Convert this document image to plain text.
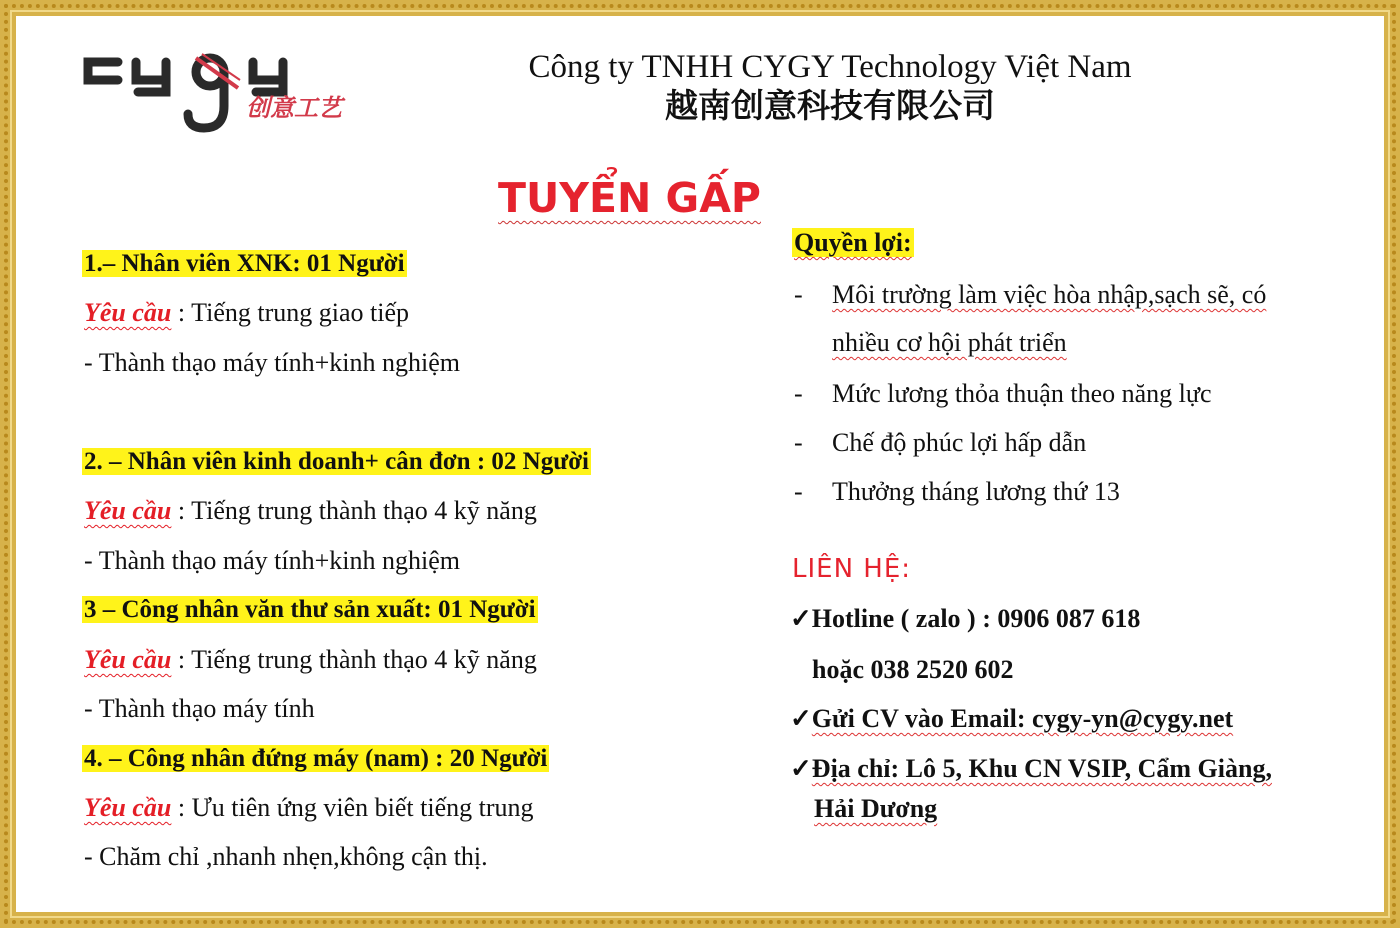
创意工艺
Công ty TNHH CYGY Technology Việt Nam
越南创意科技有限公司
TUYỂN GẤP
1.– Nhân viên XNK: 01 Người
Yêu cầu : Tiếng trung giao tiếp
- Thành thạo máy tính+kinh nghiệm
2. – Nhân viên kinh doanh+ cân đơn : 02 Người
Yêu cầu : Tiếng trung thành thạo 4 kỹ năng
- Thành thạo máy tính+kinh nghiệm
3 – Công nhân văn thư sản xuất: 01 Người
Yêu cầu : Tiếng trung thành thạo 4 kỹ năng
- Thành thạo máy tính
4. – Công nhân đứng máy (nam) : 20 Người
Yêu cầu : Ưu tiên ứng viên biết tiếng trung
- Chăm chỉ ,nhanh nhẹn,không cận thị.
Quyền lợi:
- Môi trường làm việc hòa nhập,sạch sẽ, có
nhiều cơ hội phát triển
- Mức lương thỏa thuận theo năng lực
- Chế độ phúc lợi hấp dẫn
- Thưởng tháng lương thứ 13
LIÊN HỆ:
✓Hotline ( zalo ) : 0906 087 618
hoặc 038 2520 602
✓Gửi CV vào Email: cygy-yn@cygy.net
✓Địa chỉ: Lô 5, Khu CN VSIP, Cẩm Giàng,
Hải Dương
